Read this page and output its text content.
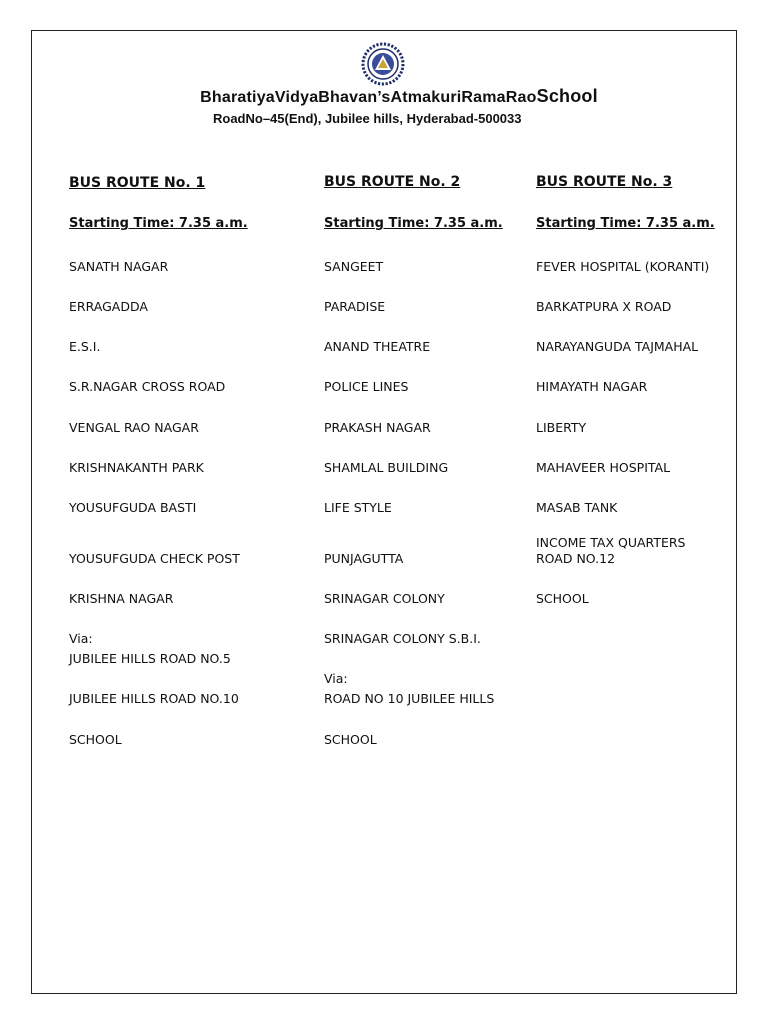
BharatiyaVidyaBhavan’sAtmakuriRamaRaoSchool
RoadNo–45(End), Jubilee hills, Hyderabad-500033
BUS ROUTE No. 1
Starting Time: 7.35 a.m.
SANATH NAGAR
ERRAGADDA
E.S.I.
S.R.NAGAR CROSS ROAD
VENGAL RAO NAGAR
KRISHNAKANTH PARK
YOUSUFGUDA BASTI
YOUSUFGUDA CHECK POST
KRISHNA NAGAR
Via:
JUBILEE HILLS ROAD NO.5
JUBILEE HILLS ROAD NO.10
SCHOOL
BUS ROUTE No. 2
Starting Time: 7.35 a.m.
SANGEET
PARADISE
ANAND THEATRE
POLICE LINES
PRAKASH NAGAR
SHAMLAL BUILDING
LIFE STYLE
PUNJAGUTTA
SRINAGAR COLONY
SRINAGAR COLONY S.B.I.
Via:
ROAD NO 10 JUBILEE HILLS
SCHOOL
BUS ROUTE No. 3
Starting Time: 7.35 a.m.
FEVER HOSPITAL (KORANTI)
BARKATPURA X ROAD
NARAYANGUDA TAJMAHAL
HIMAYATH NAGAR
LIBERTY
MAHAVEER HOSPITAL
MASAB TANK
INCOME TAX QUARTERS
ROAD NO.12
SCHOOL
